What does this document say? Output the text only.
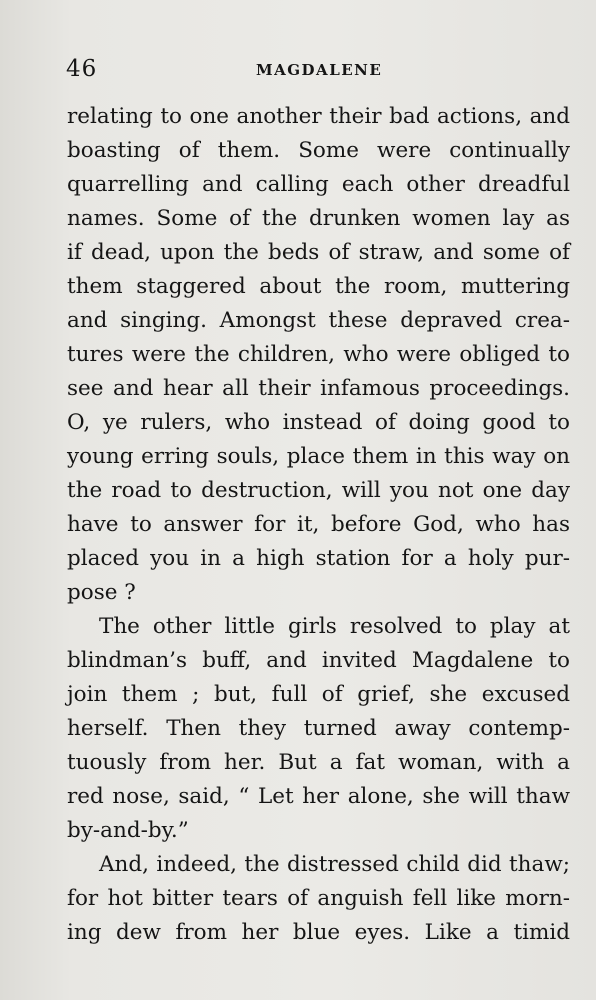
46	MAGDALENE
relating to one another their bad actions, and
boasting of them. Some were continually
quarrelling and calling each other dreadful
names. Some of the drunken women lay as
if dead, upon the beds of straw, and some of
them staggered about the room, muttering
and singing. Amongst these depraved crea-
tures were the children, who were obliged to
see and hear all their infamous proceedings.
O, ye rulers, who instead of doing good to
young erring souls, place them in this way on
the road to destruction, will you not one day
have to answer for it, before God, who has
placed you in a high station for a holy pur-
pose ?
The other little girls resolved to play at
blindman’s buff, and invited Magdalene to
join them ; but, full of grief, she excused
herself. Then they turned away contemp-
tuously from her. But a fat woman, with a
red nose, said, “ Let her alone, she will thaw
by-and-by.”
And, indeed, the distressed child did thaw;
for hot bitter tears of anguish fell like morn-
ing dew from her blue eyes. Like a timid
